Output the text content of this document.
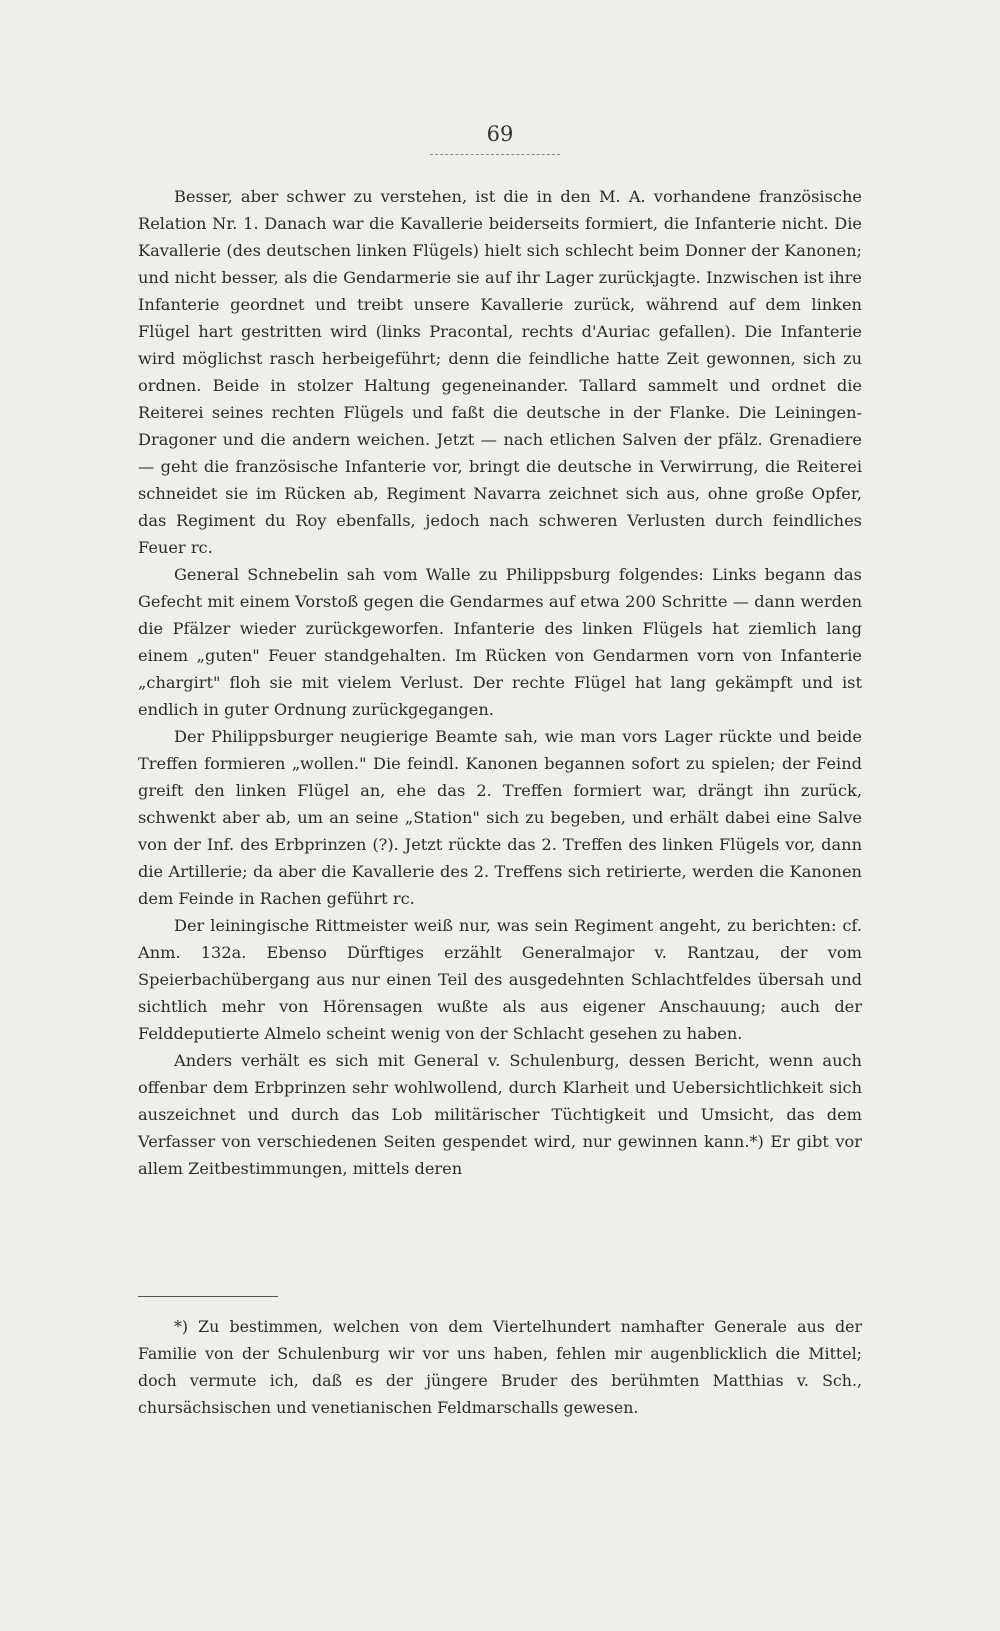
69

Besser, aber schwer zu verstehen, ist die in den M. A. vorhandene französische Relation Nr. 1. Danach war die Kavallerie beiderseits formiert, die Infanterie nicht. Die Kavallerie (des deutschen linken Flügels) hielt sich schlecht beim Donner der Kanonen; und nicht besser, als die Gendarmerie sie auf ihr Lager zurückjagte. Inzwischen ist ihre Infanterie geordnet und treibt unsere Kavallerie zurück, während auf dem linken Flügel hart gestritten wird (links Pracontal, rechts d'Auriac gefallen). Die Infanterie wird möglichst rasch herbeigeführt; denn die feindliche hatte Zeit gewonnen, sich zu ordnen. Beide in stolzer Haltung gegeneinander. Tallard sammelt und ordnet die Reiterei seines rechten Flügels und faßt die deutsche in der Flanke. Die Leiningen-Dragoner und die andern weichen. Jetzt — nach etlichen Salven der pfälz. Grenadiere — geht die französische Infanterie vor, bringt die deutsche in Verwirrung, die Reiterei schneidet sie im Rücken ab, Regiment Navarra zeichnet sich aus, ohne große Opfer, das Regiment du Roy ebenfalls, jedoch nach schweren Verlusten durch feindliches Feuer rc.

General Schnebelin sah vom Walle zu Philippsburg folgendes: Links begann das Gefecht mit einem Vorstoß gegen die Gendarmes auf etwa 200 Schritte — dann werden die Pfälzer wieder zurückgeworfen. Infanterie des linken Flügels hat ziemlich lang einem „guten" Feuer standgehalten. Im Rücken von Gendarmen vorn von Infanterie „chargirt" floh sie mit vielem Verlust. Der rechte Flügel hat lang gekämpft und ist endlich in guter Ordnung zurückgegangen.

Der Philippsburger neugierige Beamte sah, wie man vors Lager rückte und beide Treffen formieren „wollen." Die feindl. Kanonen begannen sofort zu spielen; der Feind greift den linken Flügel an, ehe das 2. Treffen formiert war, drängt ihn zurück, schwenkt aber ab, um an seine „Station" sich zu begeben, und erhält dabei eine Salve von der Inf. des Erbprinzen (?). Jetzt rückte das 2. Treffen des linken Flügels vor, dann die Artillerie; da aber die Kavallerie des 2. Treffens sich retirierte, werden die Kanonen dem Feinde in Rachen geführt rc.

Der leiningische Rittmeister weiß nur, was sein Regiment angeht, zu berichten: cf. Anm. 132a. Ebenso Dürftiges erzählt Generalmajor v. Rantzau, der vom Speierbachübergang aus nur einen Teil des ausgedehnten Schlachtfeldes übersah und sichtlich mehr von Hörensagen wußte als aus eigener Anschauung; auch der Felddeputierte Almelo scheint wenig von der Schlacht gesehen zu haben.

Anders verhält es sich mit General v. Schulenburg, dessen Bericht, wenn auch offenbar dem Erbprinzen sehr wohlwollend, durch Klarheit und Uebersichtlichkeit sich auszeichnet und durch das Lob militärischer Tüchtigkeit und Umsicht, das dem Verfasser von verschiedenen Seiten gespendet wird, nur gewinnen kann.*) Er gibt vor allem Zeitbestimmungen, mittels deren

*) Zu bestimmen, welchen von dem Viertelhundert namhafter Generale aus der Familie von der Schulenburg wir vor uns haben, fehlen mir augenblicklich die Mittel; doch vermute ich, daß es der jüngere Bruder des berühmten Matthias v. Sch., chursächsischen und venetianischen Feldmarschalls gewesen.
